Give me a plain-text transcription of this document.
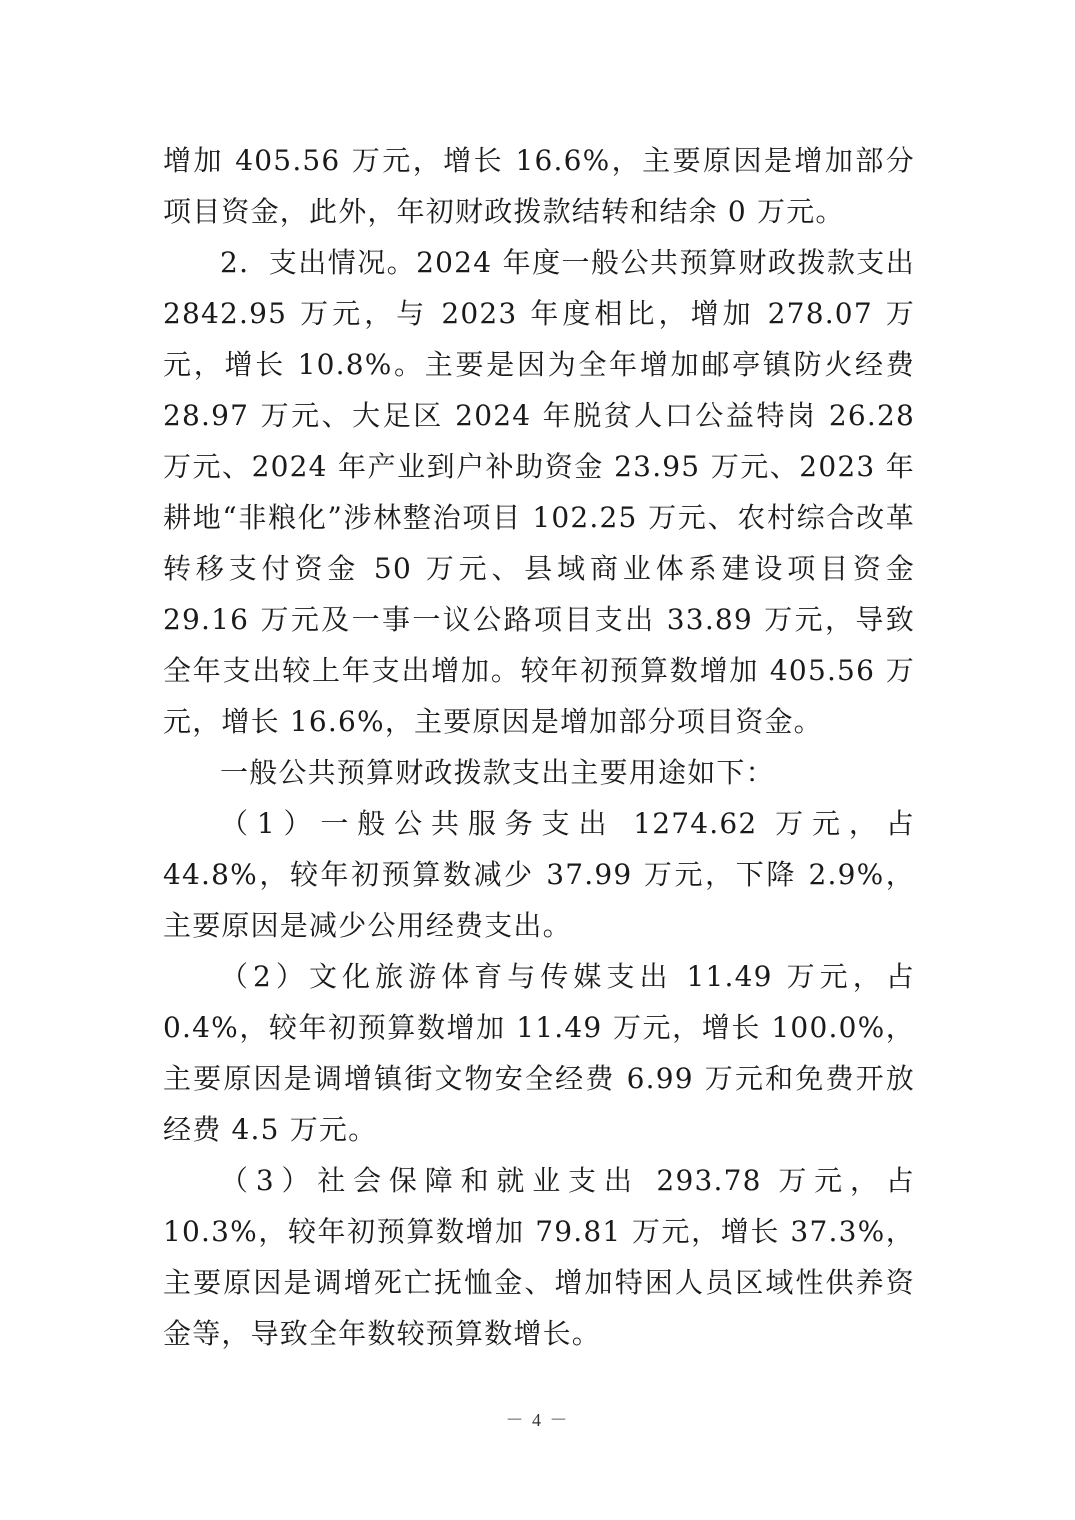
增加 405.56 万元，增长 16.6%，主要原因是增加部分项目资金，此外，年初财政拨款结转和结余 0 万元。

2．支出情况。2024 年度一般公共预算财政拨款支出 2842.95 万元，与 2023 年度相比，增加 278.07 万元，增长 10.8%。主要是因为全年增加邮亭镇防火经费 28.97 万元、大足区 2024 年脱贫人口公益特岗 26.28 万元、2024 年产业到户补助资金 23.95 万元、2023 年耕地“非粮化”涉林整治项目 102.25 万元、农村综合改革转移支付资金 50 万元、县域商业体系建设项目资金 29.16 万元及一事一议公路项目支出 33.89 万元，导致全年支出较上年支出增加。较年初预算数增加 405.56 万元，增长 16.6%，主要原因是增加部分项目资金。

一般公共预算财政拨款支出主要用途如下：

（1）一般公共服务支出 1274.62 万元，占 44.8%，较年初预算数减少 37.99 万元，下降 2.9%，主要原因是减少公用经费支出。

（2）文化旅游体育与传媒支出 11.49 万元，占 0.4%，较年初预算数增加 11.49 万元，增长 100.0%，主要原因是调增镇街文物安全经费 6.99 万元和免费开放经费 4.5 万元。

（3）社会保障和就业支出 293.78 万元，占 10.3%，较年初预算数增加 79.81 万元，增长 37.3%，主要原因是调增死亡抚恤金、增加特困人员区域性供养资金等，导致全年数较预算数增长。

－ 4 －
